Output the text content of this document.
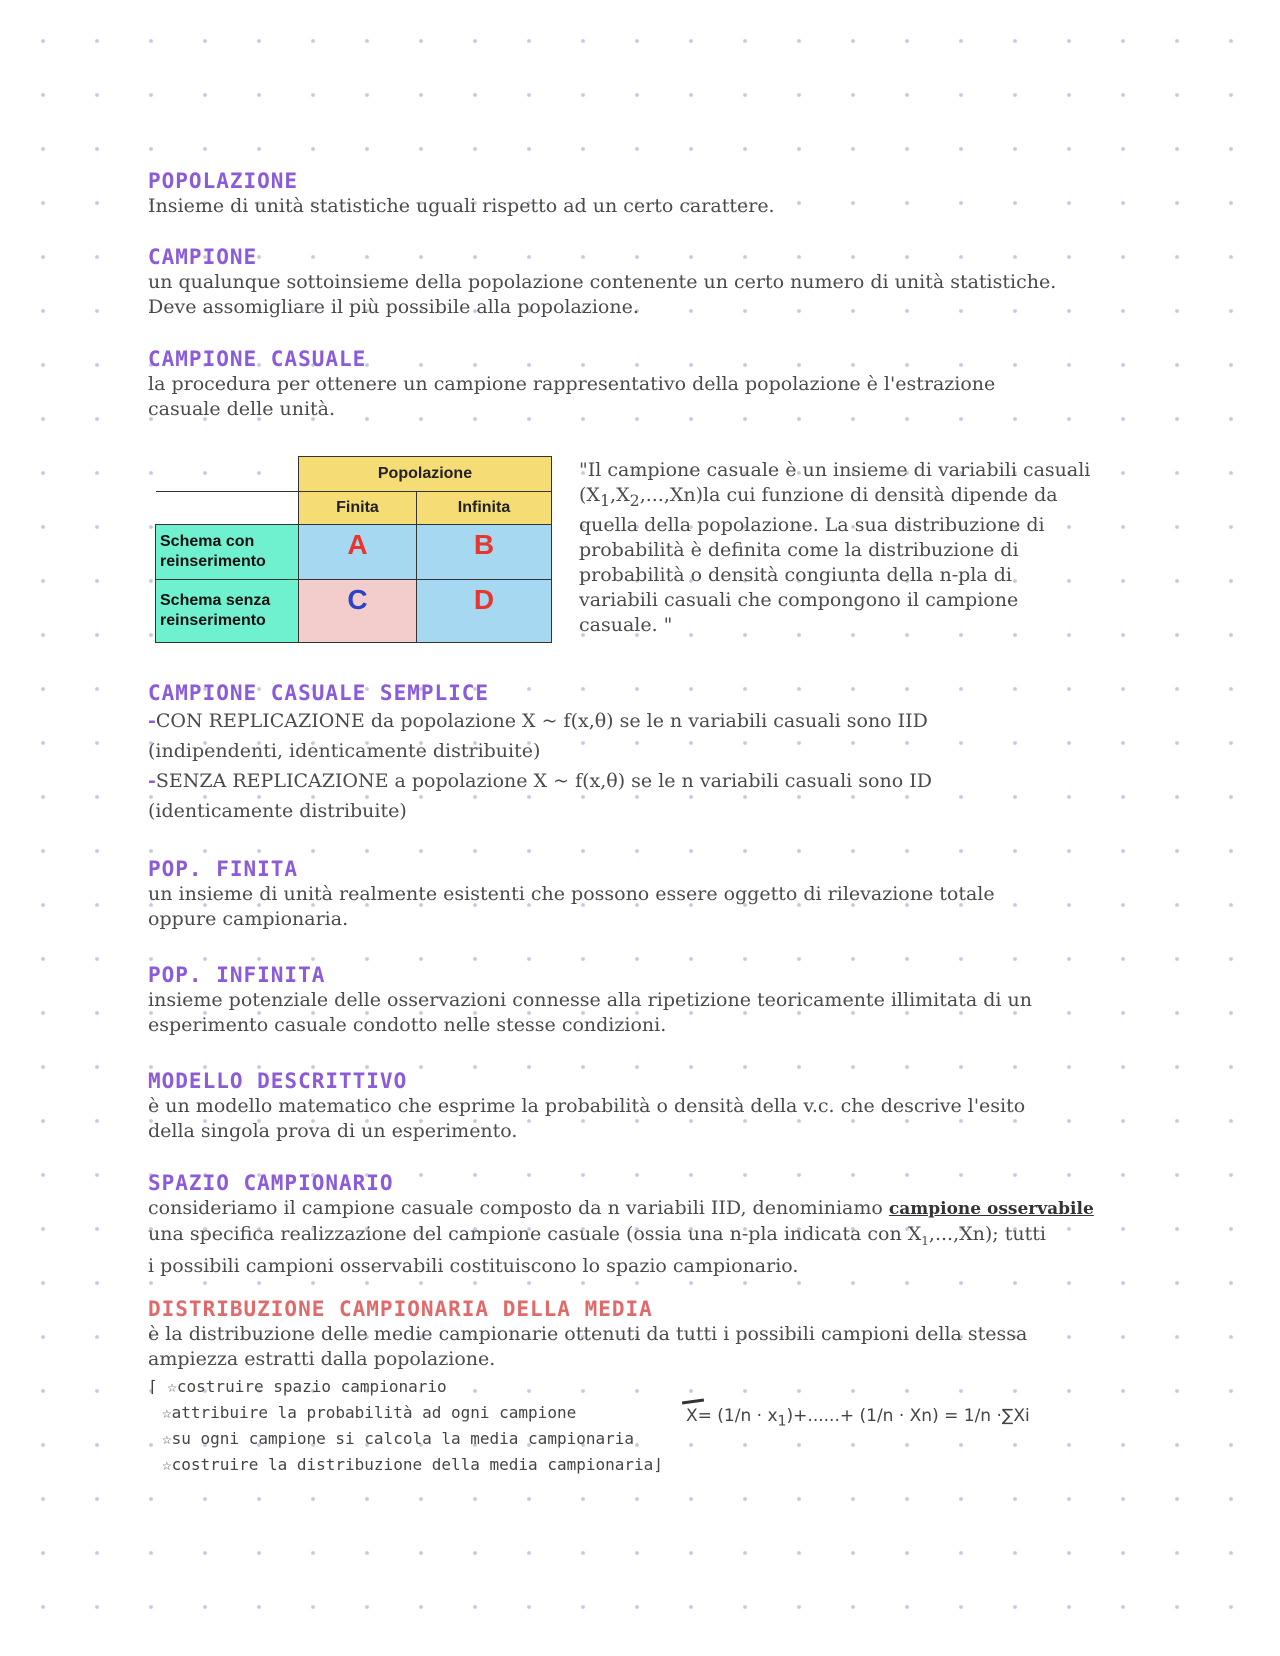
POPOLAZIONE
Insieme di unità statistiche uguali rispetto ad un certo carattere.
CAMPIONE
un qualunque sottoinsieme della popolazione contenente un certo numero di unità statistiche.
Deve assomigliare il più possibile alla popolazione.
CAMPIONE CASUALE
la procedura per ottenere un campione rappresentativo della popolazione è l'estrazione
casuale delle unità.
	Popolazione	
	Finita	Infinita
Schema con reinserimento	A	B
Schema senza reinserimento	C	D
"Il campione casuale è un insieme di variabili casuali
$(X_1,X_2,...,Xn)la$ cui funzione di densità dipende da
quella della popolazione. La sua distribuzione di
probabilità è definita come la distribuzione di
probabilità o densità congiunta della n-pla di
variabili casuali che compongono il campione
casuale. "
CAMPIONE CASUALE SEMPLICE
-CON REPLICAZIONE da popolazione X ~ f(x,θ) se le n variabili casuali sono IID
(indipendenti, identicamente distribuite)
-SENZA REPLICAZIONE a popolazione X ~ f(x,θ) se le n variabili casuali sono ID
(identicamente distribuite)
POP. FINITA
un insieme di unità realmente esistenti che possono essere oggetto di rilevazione totale
oppure campionaria.
POP. INFINITA
insieme potenziale delle osservazioni connesse alla ripetizione teoricamente illimitata di un
esperimento casuale condotto nelle stesse condizioni.
MODELLO DESCRITTIVO
è un modello matematico che esprime la probabilità o densità della v.c. che descrive l'esito
della singola prova di un esperimento.
SPAZIO CAMPIONARIO
consideriamo il campione casuale composto da n variabili IID, denominiamo campione osservabile
una specifica realizzazione del campione casuale (ossia una n-pla indicata con $X_1,...,Xn$); tutti
i possibili campioni osservabili costituiscono lo spazio campionario.
DISTRIBUZIONE CAMPIONARIA DELLA MEDIA
è la distribuzione delle medie campionarie ottenuti da tutti i possibili campioni della stessa
ampiezza estratti dalla popolazione.
⌈ ☆costruire spazio campionario
☆attribuire la probabilità ad ogni campione
☆su ogni campione si calcola la media campionaria
☆costruire la distribuzione della media campionaria⌋
$X= (1/n \cdot x_1)+......+ (1/n \cdot Xn) = 1/n \cdot\sum Xi$
